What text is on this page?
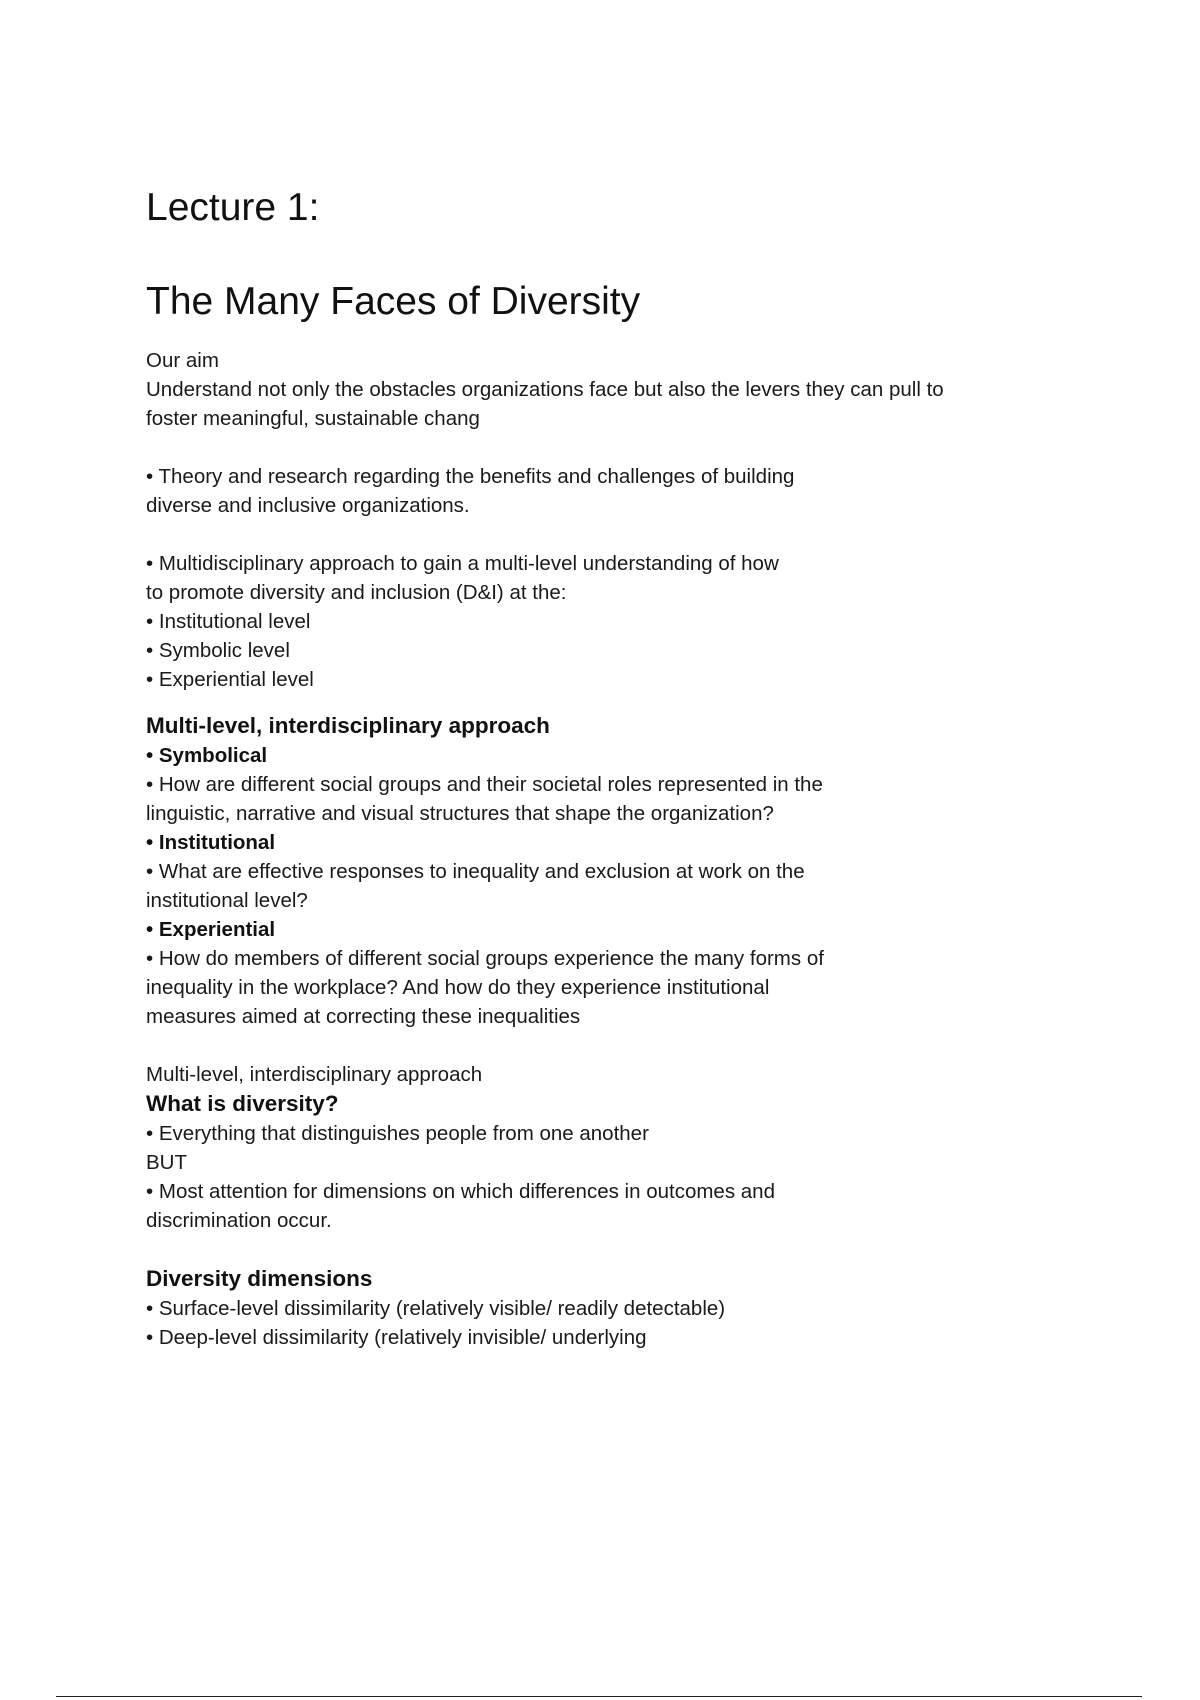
Lecture 1:
The Many Faces of Diversity
Our aim
Understand not only the obstacles organizations face but also the levers they can pull to
foster meaningful, sustainable chang
• Theory and research regarding the benefits and challenges of building
diverse and inclusive organizations.
• Multidisciplinary approach to gain a multi-level understanding of how
to promote diversity and inclusion (D&I) at the:
• Institutional level
• Symbolic level
• Experiential level
Multi-level, interdisciplinary approach
• Symbolical
• How are different social groups and their societal roles represented in the
linguistic, narrative and visual structures that shape the organization?
• Institutional
• What are effective responses to inequality and exclusion at work on the
institutional level?
• Experiential
• How do members of different social groups experience the many forms of
inequality in the workplace? And how do they experience institutional
measures aimed at correcting these inequalities
Multi-level, interdisciplinary approach
What is diversity?
• Everything that distinguishes people from one another
BUT
• Most attention for dimensions on which differences in outcomes and
discrimination occur.
Diversity dimensions
• Surface-level dissimilarity (relatively visible/ readily detectable)
• Deep-level dissimilarity (relatively invisible/ underlying
